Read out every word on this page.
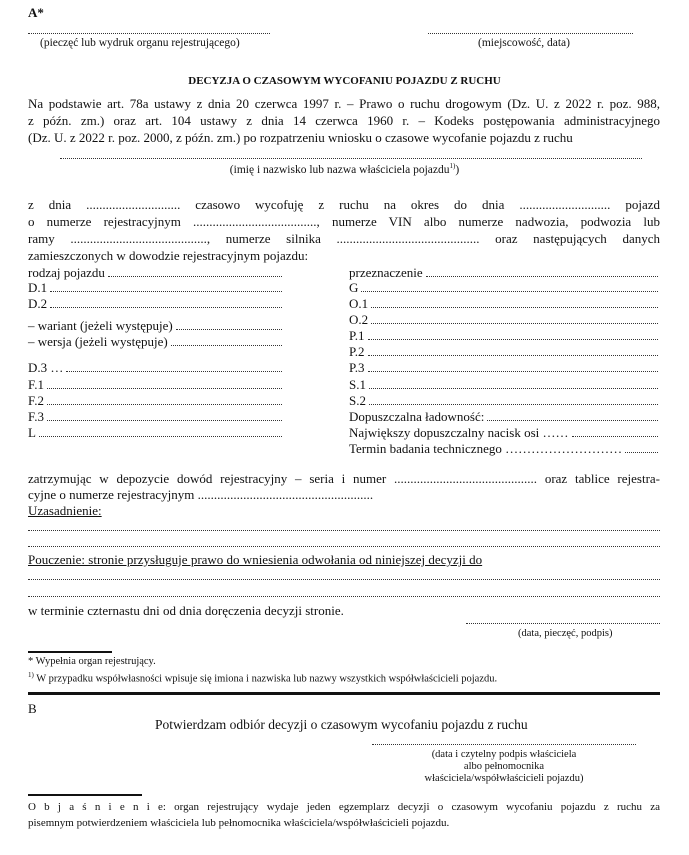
A*
(pieczęć lub wydruk organu rejestrującego)	(miejscowość, data)
DECYZJA O CZASOWYM WYCOFANIU POJAZDU Z RUCHU
Na podstawie art. 78a ustawy z dnia 20 czerwca 1997 r. – Prawo o ruchu drogowym (Dz. U. z 2022 r. poz. 988,
z późn. zm.) oraz art. 104 ustawy z dnia 14 czerwca 1960 r. – Kodeks postępowania administracyjnego
(Dz. U. z 2022 r. poz. 2000, z późn. zm.) po rozpatrzeniu wniosku o czasowe wycofanie pojazdu z ruchu
(imię i nazwisko lub nazwa właściciela pojazdu$^{1)}$)
z dnia ............................. czasowo wycofuję z ruchu na okres do dnia ............................ pojazd
o numerze rejestracyjnym ......................................, numerze VIN albo numerze nadwozia, podwozia lub
ramy .........................................., numerze silnika ............................................ oraz następujących danych
zamieszczonych w dowodzie rejestracyjnym pojazdu:
rodzaj pojazdu
D.1
D.2
– wariant (jeżeli występuje)
– wersja (jeżeli występuje)
D.3 …
F.1
F.2
F.3
L
przeznaczenie
G
O.1
O.2
P.1
P.2
P.3
S.1
S.2
Dopuszczalna ładowność:
Największy dopuszczalny nacisk osi ……
Termin badania technicznego ………………………
zatrzymując w depozycie dowód rejestracyjny – seria i numer ............................................ oraz tablice rejestra-
cyjne o numerze rejestracyjnym ......................................................
Uzasadnienie:
Pouczenie: stronie przysługuje prawo do wniesienia odwołania od niniejszej decyzji do
w terminie czternastu dni od dnia doręczenia decyzji stronie.
(data, pieczęć, podpis)
* Wypełnia organ rejestrujący.
$^{1)}$ W przypadku współwłasności wpisuje się imiona i nazwiska lub nazwy wszystkich współwłaścicieli pojazdu.
B
Potwierdzam odbiór decyzji o czasowym wycofaniu pojazdu z ruchu
(data i czytelny podpis właściciela
albo pełnomocnika
właściciela/współwłaścicieli pojazdu)
O b j a ś n i e n i e: organ rejestrujący wydaje jeden egzemplarz decyzji o czasowym wycofaniu pojazdu z ruchu za
pisemnym potwierdzeniem właściciela lub pełnomocnika właściciela/współwłaścicieli pojazdu.
